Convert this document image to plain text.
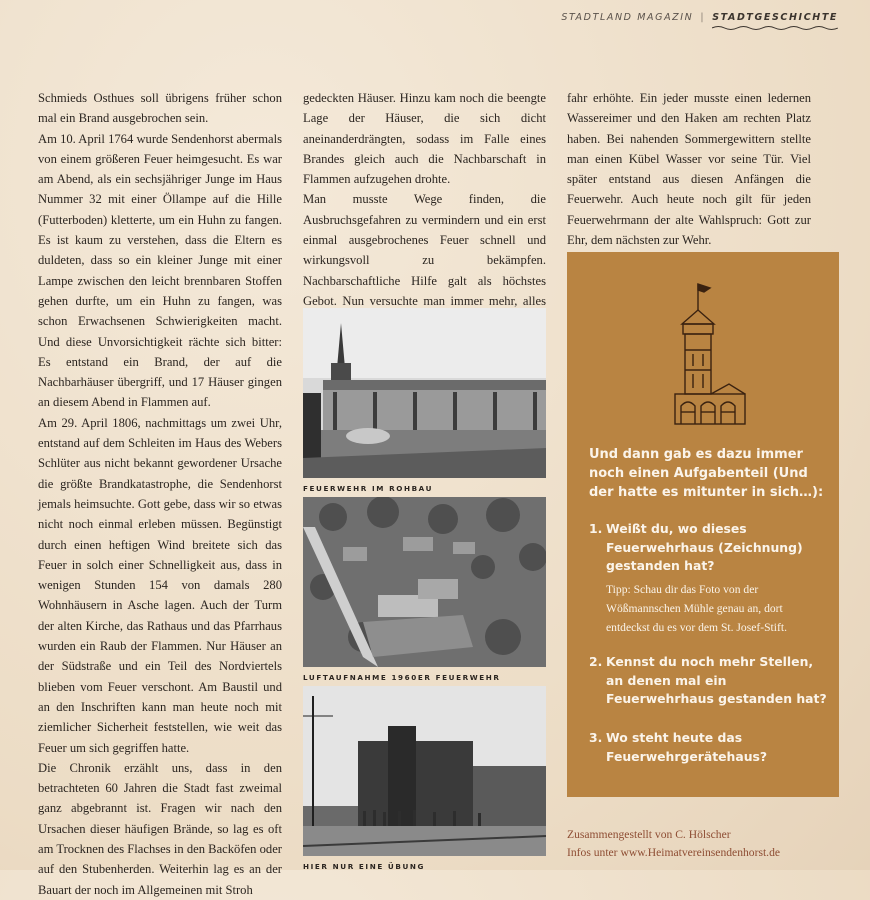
STADTLAND
MAGAZIN | STADTGESCHICHTE

Schmieds Osthues soll übrigens früher schon mal ein Brand ausgebrochen sein.

Am 10. April 1764 wurde Sendenhorst abermals von einem größeren Feuer heimgesucht. Es war am Abend, als ein sechsjähriger Junge im Haus Nummer 32 mit einer Öllampe auf die Hille (Futterboden) kletterte, um ein Huhn zu fangen. Es ist kaum zu verstehen, dass die Eltern es duldeten, dass so ein kleiner Junge mit einer Lampe zwischen den leicht brennbaren Stoffen gehen durfte, um ein Huhn zu fangen, was schon Erwachsenen Schwierigkeiten macht. Und diese Unvorsichtigkeit rächte sich bitter: Es entstand ein Brand, der auf die Nachbarhäuser übergriff, und 17 Häuser gingen an diesem Abend in Flammen auf.

Am 29. April 1806, nachmittags um zwei Uhr, entstand auf dem Schleiten im Haus des Webers Schlüter aus nicht bekannt gewordener Ursache die größte Brandkatastrophe, die Sendenhorst jemals heimsuchte. Gott gebe, dass wir so etwas nicht noch einmal erleben müssen. Begünstigt durch einen heftigen Wind breitete sich das Feuer in solch einer Schnelligkeit aus, dass in wenigen Stunden 154 von damals 280 Wohnhäusern in Asche lagen. Auch der Turm der alten Kirche, das Rathaus und das Pfarrhaus wurden ein Raub der Flammen. Nur Häuser an der Südstraße und ein Teil des Nordviertels blieben vom Feuer verschont. Am Baustil und an den Inschriften kann man heute noch mit ziemlicher Sicherheit feststellen, wie weit das Feuer um sich gegriffen hatte.

Die Chronik erzählt uns, dass in den betrachteten 60 Jahren die Stadt fast zweimal ganz abgebrannt ist. Fragen wir nach den Ursachen dieser häufigen Brände, so lag es oft am Trocknen des Flachses in den Backöfen oder auf den Stubenherden. Weiterhin lag es an der Bauart der noch im Allgemeinen mit Stroh

gedeckten Häuser. Hinzu kam noch die beengte Lage der Häuser, die sich dicht aneinanderdrängten, sodass im Falle eines Brandes gleich auch die Nachbarschaft in Flammen aufzugehen drohte.

Man musste Wege finden, die Ausbruchsgefahren zu vermindern und ein erst einmal ausgebrochenes Feuer schnell und wirkungsvoll zu bekämpfen. Nachbarschaftliche Hilfe galt als höchstes Gebot. Nun versuchte man immer mehr, alles

FEUERWEHR IM ROHBAU
LUFTAUFNAHME 1960ER FEUERWEHR
HIER NUR EINE ÜBUNG

fahr erhöhte. Ein jeder musste einen ledernen Wassereimer und den Haken am rechten Platz haben. Bei nahenden Sommergewittern stellte man einen Kübel Wasser vor seine Tür. Viel später entstand aus diesen Anfängen die Feuerwehr. Auch heute noch gilt für jeden Feuerwehrmann der alte Wahlspruch: Gott zur Ehr, dem nächsten zur Wehr.

Und dann gab es dazu immer noch einen Aufgabenteil (Und der hatte es mitunter in sich…):
1. Weißt du, wo dieses Feuerwehrhaus (Zeichnung) gestanden hat?
Tipp: Schau dir das Foto von der Wößmannschen Mühle genau an, dort entdeckst du es vor dem St. Josef-Stift.
2. Kennst du noch mehr Stellen, an denen mal ein Feuerwehrhaus gestanden hat?
3. Wo steht heute das Feuerwehrgerätehaus?
Zusammengestellt von C. Hölscher
Infos unter www.Heimatvereinsendenhorst.de
